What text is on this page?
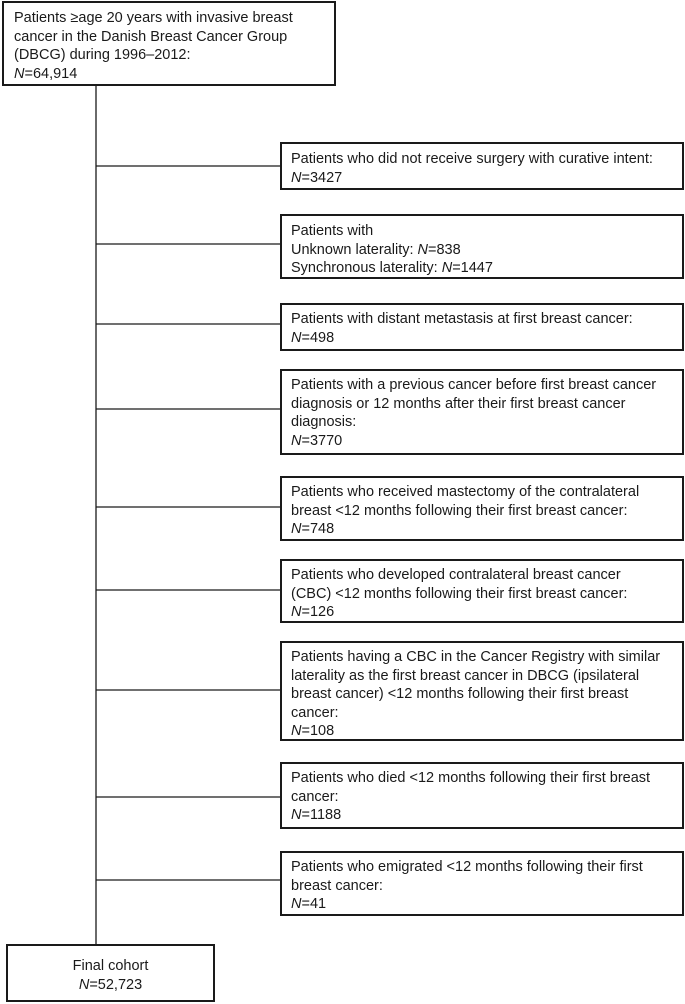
Patients ≥age 20 years with invasive breast
cancer in the Danish Breast Cancer Group
(DBCG) during 1996–2012:
N=64,914
Patients who did not receive surgery with curative intent:
N=3427
Patients with
Unknown laterality: N=838
Synchronous laterality: N=1447
Patients with distant metastasis at first breast cancer:
N=498
Patients with a previous cancer before first breast cancer
diagnosis or 12 months after their first breast cancer
diagnosis:
N=3770
Patients who received mastectomy of the contralateral
breast <12 months following their first breast cancer:
N=748
Patients who developed contralateral breast cancer
(CBC) <12 months following their first breast cancer:
N=126
Patients having a CBC in the Cancer Registry with similar
laterality as the first breast cancer in DBCG (ipsilateral
breast cancer) <12 months following their first breast
cancer:
N=108
Patients who died <12 months following their first breast
cancer:
N=1188
Patients who emigrated <12 months following their first
breast cancer:
N=41
Final cohort
N=52,723
